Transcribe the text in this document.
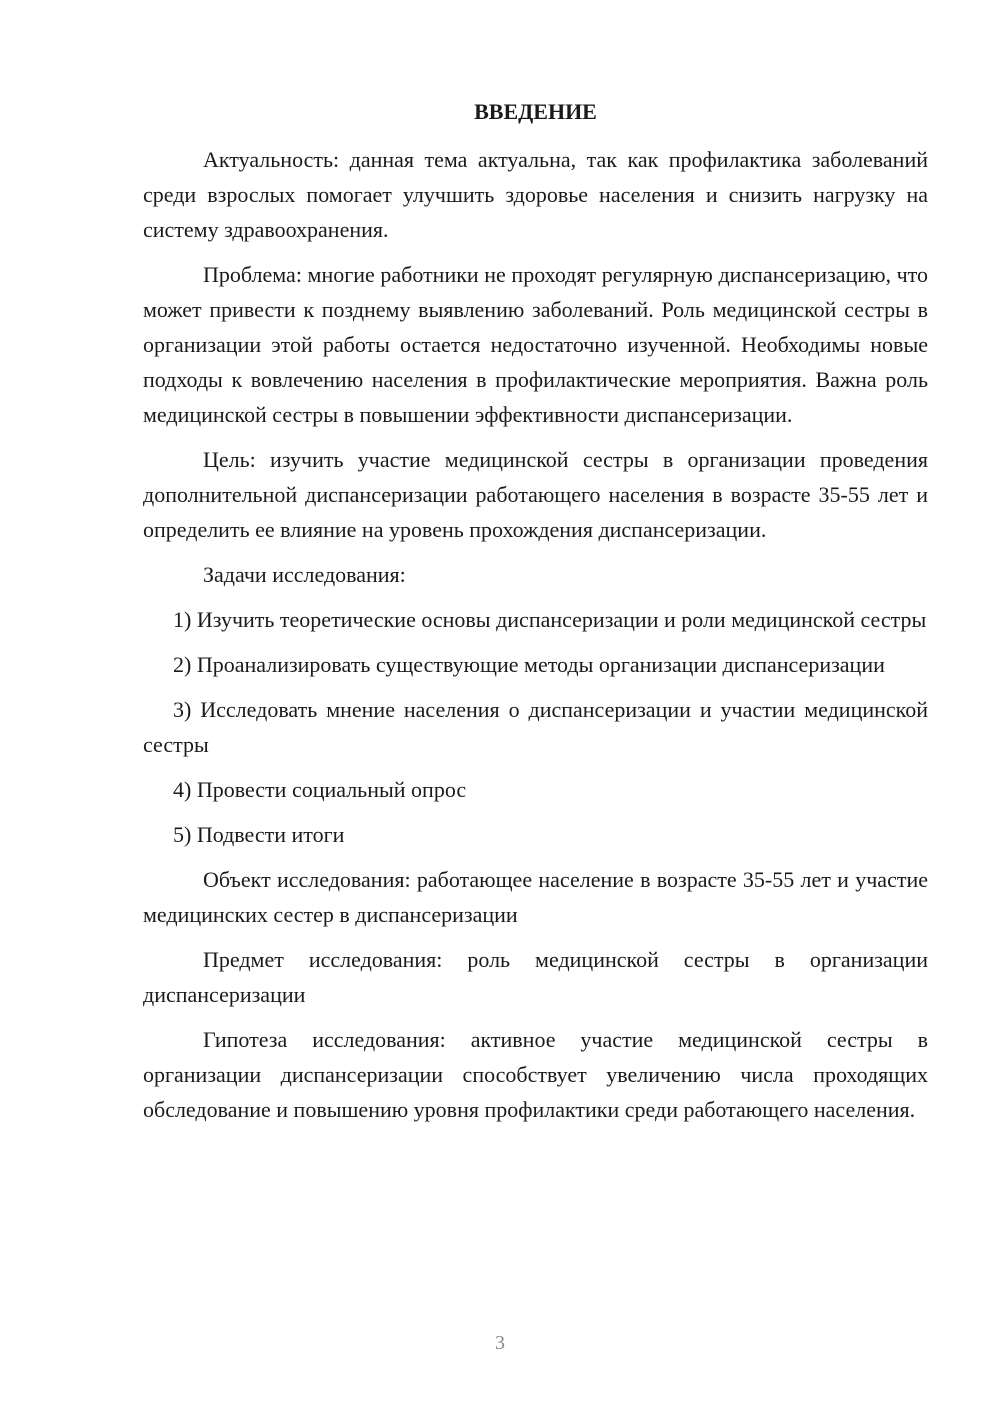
ВВЕДЕНИЕ

Актуальность: данная тема актуальна, так как профилактика заболеваний среди взрослых помогает улучшить здоровье населения и снизить нагрузку на систему здравоохранения.

Проблема: многие работники не проходят регулярную диспансеризацию, что может привести к позднему выявлению заболеваний. Роль медицинской сестры в организации этой работы остается недостаточно изученной. Необходимы новые подходы к вовлечению населения в профилактические мероприятия. Важна роль медицинской сестры в повышении эффективности диспансеризации.

Цель: изучить участие медицинской сестры в организации проведения дополнительной диспансеризации работающего населения в возрасте 35-55 лет и определить ее влияние на уровень прохождения диспансеризации.

Задачи исследования:

1) Изучить теоретические основы диспансеризации и роли медицинской сестры

2) Проанализировать существующие методы организации диспансеризации

3) Исследовать мнение населения о диспансеризации и участии медицинской сестры

4) Провести социальный опрос

5) Подвести итоги

Объект исследования: работающее население в возрасте 35-55 лет и участие медицинских сестер в диспансеризации

Предмет исследования: роль медицинской сестры в организации диспансеризации

Гипотеза исследования: активное участие медицинской сестры в организации диспансеризации способствует увеличению числа проходящих обследование и повышению уровня профилактики среди работающего населения.

3
